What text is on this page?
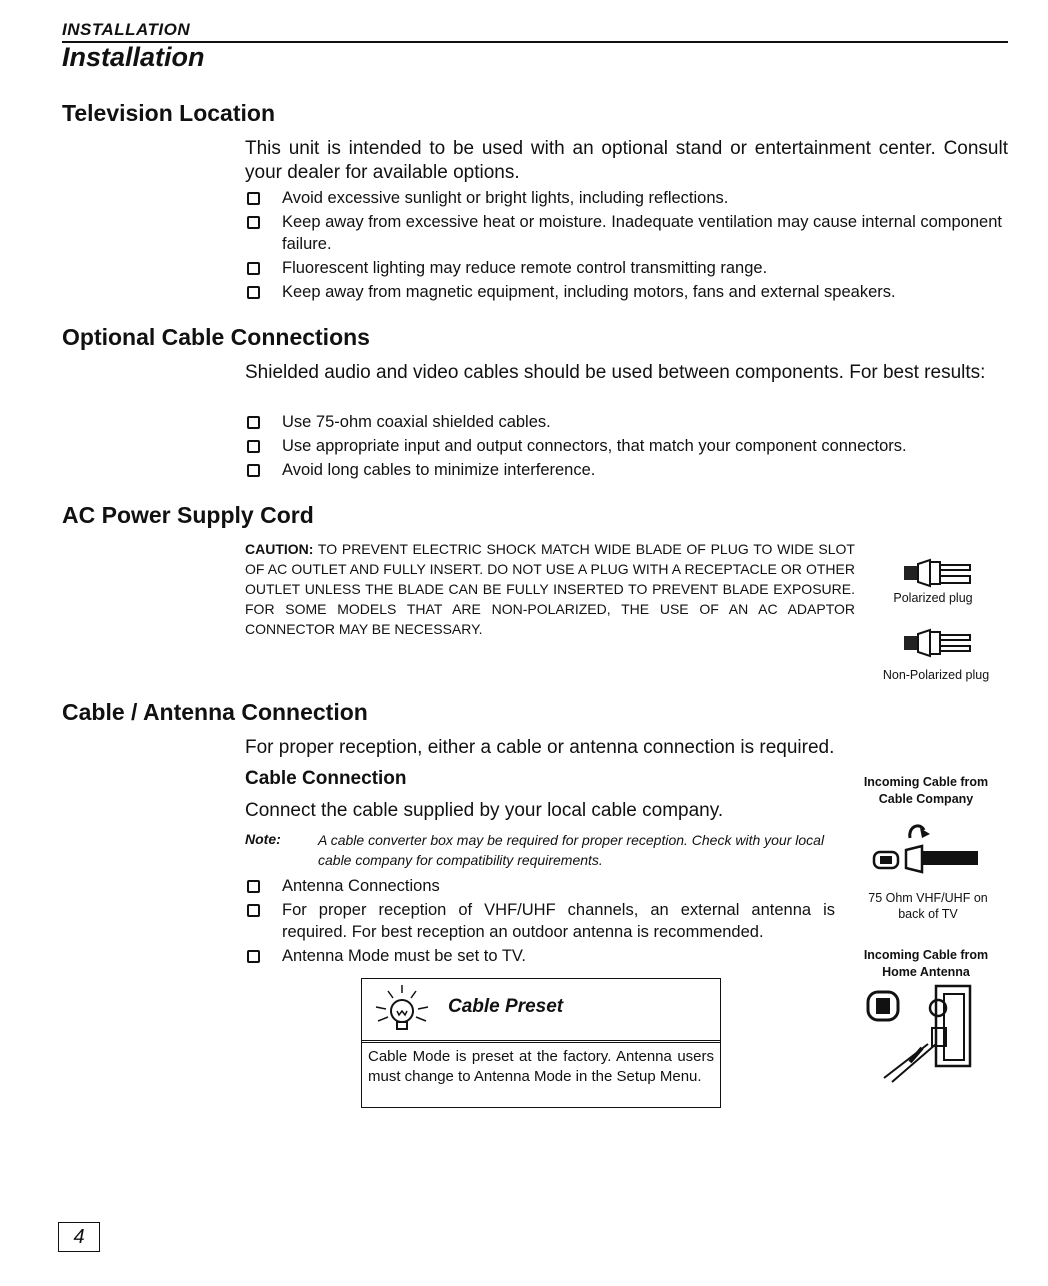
INSTALLATION
Installation
Television Location
This unit is intended to be used with an optional stand or entertainment center. Consult your dealer for available options.
Avoid excessive sunlight or bright lights, including reflections.
Keep away from excessive heat or moisture. Inadequate ventilation may cause internal component failure.
Fluorescent lighting may reduce remote control transmitting range.
Keep away from magnetic equipment, including motors, fans and external speakers.
Optional Cable Connections
Shielded audio and video cables should be used between components. For best results:
Use 75-ohm coaxial shielded cables.
Use appropriate input and output connectors, that match your component connectors.
Avoid long cables to minimize interference.
AC Power Supply Cord
CAUTION: TO PREVENT ELECTRIC SHOCK MATCH WIDE BLADE OF PLUG TO WIDE SLOT OF AC OUTLET AND FULLY INSERT. DO NOT USE A PLUG WITH A RECEPTACLE OR OTHER OUTLET UNLESS THE BLADE CAN BE FULLY INSERTED TO PREVENT BLADE EXPOSURE. FOR SOME MODELS THAT ARE NON-POLARIZED, THE USE OF AN AC ADAPTOR CONNECTOR MAY BE NECESSARY.
Polarized plug
Non-Polarized plug
Cable / Antenna Connection
For proper reception, either a cable or antenna connection is required.
Cable Connection
Connect the cable supplied by your local cable company.
Note:	A cable converter box may be required for proper reception. Check with your local cable company for compatibility requirements.
Antenna Connections
For proper reception of VHF/UHF channels, an external antenna is required. For best reception an outdoor antenna is recommended.
Antenna Mode must be set to TV.
Incoming Cable from Cable Company
75 Ohm VHF/UHF on back of TV
Incoming Cable from Home Antenna
Cable Preset
Cable Mode is preset at the factory. Antenna users must change to Antenna Mode in the Setup Menu.
4
